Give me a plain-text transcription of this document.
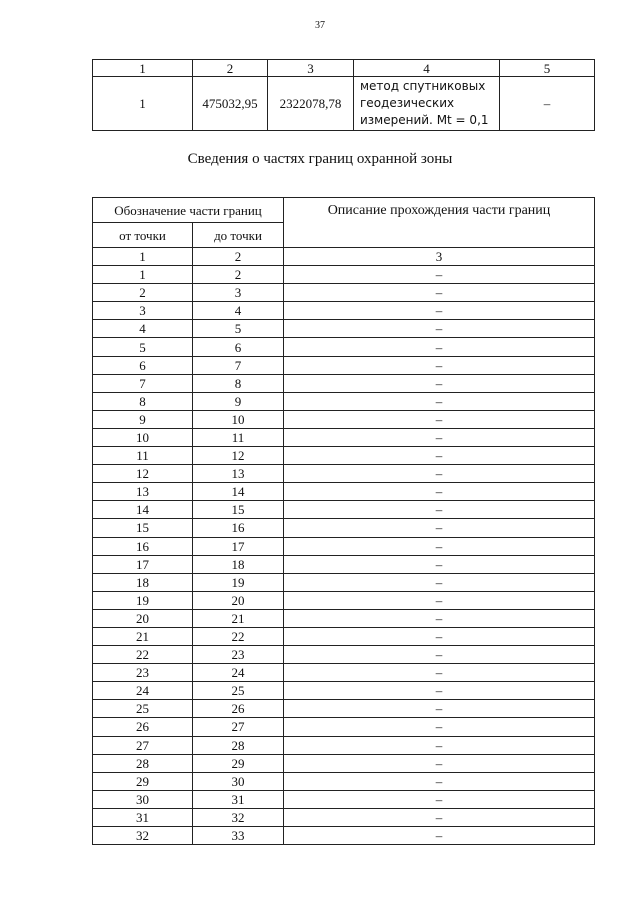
37
1	2	3	4	5
1	475032,95	2322078,78	метод спутниковых
геодезических
измерений. Mt = 0,1	–
Сведения о частях границ охранной зоны
Обозначение части границ		Описание прохождения части границ
от точки	до точки	
1	2	3
1	2	–
2	3	–
3	4	–
4	5	–
5	6	–
6	7	–
7	8	–
8	9	–
9	10	–
10	11	–
11	12	–
12	13	–
13	14	–
14	15	–
15	16	–
16	17	–
17	18	–
18	19	–
19	20	–
20	21	–
21	22	–
22	23	–
23	24	–
24	25	–
25	26	–
26	27	–
27	28	–
28	29	–
29	30	–
30	31	–
31	32	–
32	33	–
